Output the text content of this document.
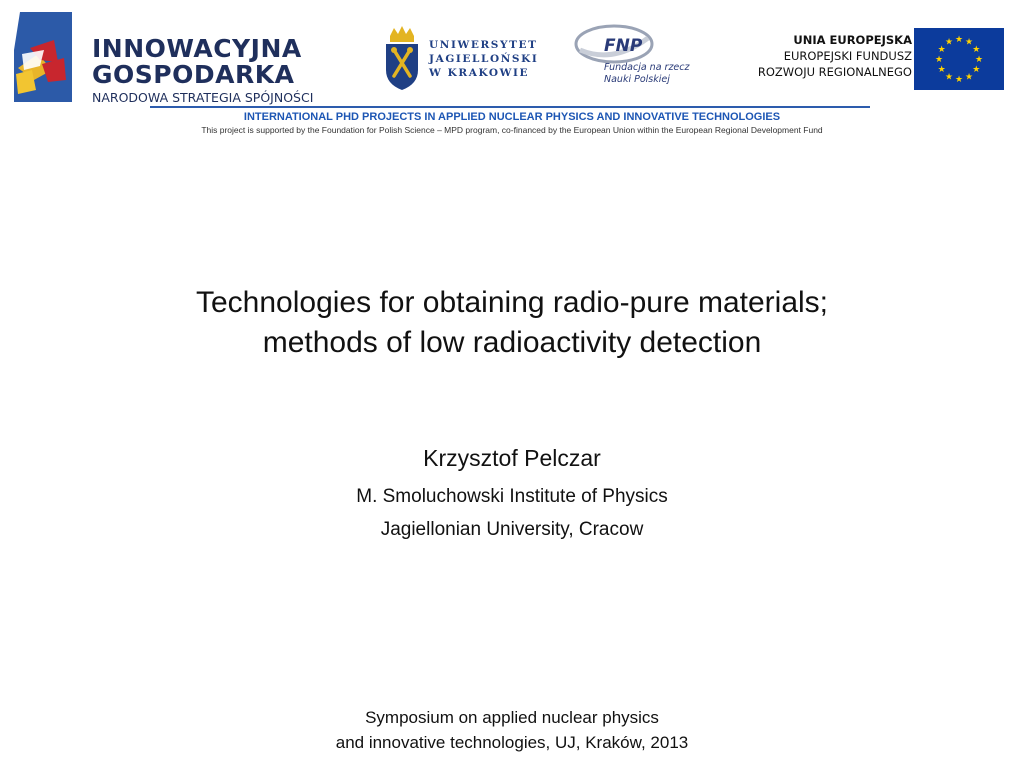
INNOWACYJNA
GOSPODARKA
NARODOWA STRATEGIA SPÓJNOŚCI
UNIWERSYTET
JAGIELLOŃSKI
W KRAKOWIE
FNP
Fundacja na rzecz
Nauki Polskiej
UNIA EUROPEJSKA
EUROPEJSKI FUNDUSZ
ROZWOJU REGIONALNEGO
★ ★
★
★
★
★
★
★
★
★
★
★
INTERNATIONAL PHD PROJECTS IN APPLIED NUCLEAR PHYSICS AND INNOVATIVE TECHNOLOGIES
This project is supported by the Foundation for Polish Science – MPD program, co-financed by the European Union within the European Regional Development Fund
Technologies for obtaining radio-pure materials;
methods of low radioactivity detection
Krzysztof Pelczar
M. Smoluchowski Institute of Physics
Jagiellonian University, Cracow
Symposium on applied nuclear physics
and innovative technologies, UJ, Kraków, 2013
